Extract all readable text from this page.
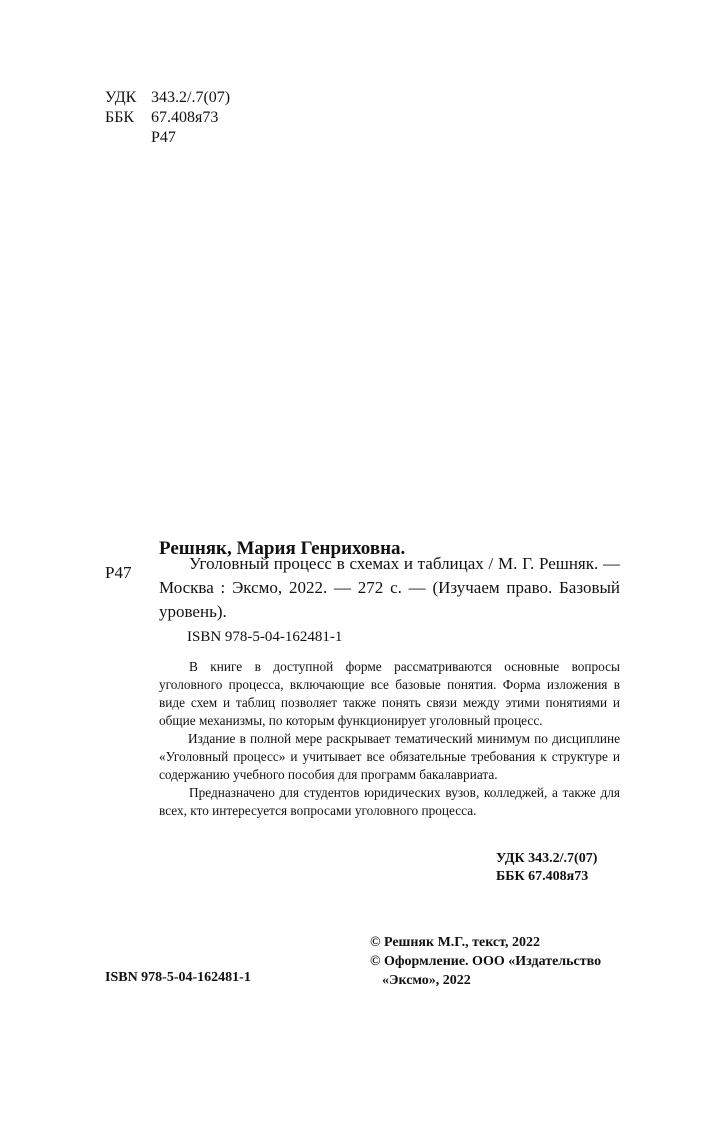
УДК 343.2/.7(07)
ББК	67.408я73
Р47
Решняк, Мария Генриховна.
Р47	Уголовный процесс в схемах и таблицах / М. Г. Решняк. — Москва : Эксмо, 2022. — 272 с. — (Изучаем право. Базовый уровень).
ISBN 978-5-04-162481-1

В книге в доступной форме рассматриваются основные вопросы уголовного процесса, включающие все базовые понятия. Форма изложения в виде схем и таблиц позволяет также понять связи между этими понятиями и общие механизмы, по которым функционирует уголовный процесс.

Издание в полной мере раскрывает тематический минимум по дисциплине «Уголовный процесс» и учитывает все обязательные требования к структуре и содержанию учебного пособия для программ бакалавриата.

Предназначено для студентов юридических вузов, колледжей, а также для всех, кто интересуется вопросами уголовного процесса.

УДК 343.2/.7(07)
ББК 67.408я73
© Решняк М.Г., текст, 2022
© Оформление. ООО «Издательство
«Эксмо», 2022
ISBN 978-5-04-162481-1
